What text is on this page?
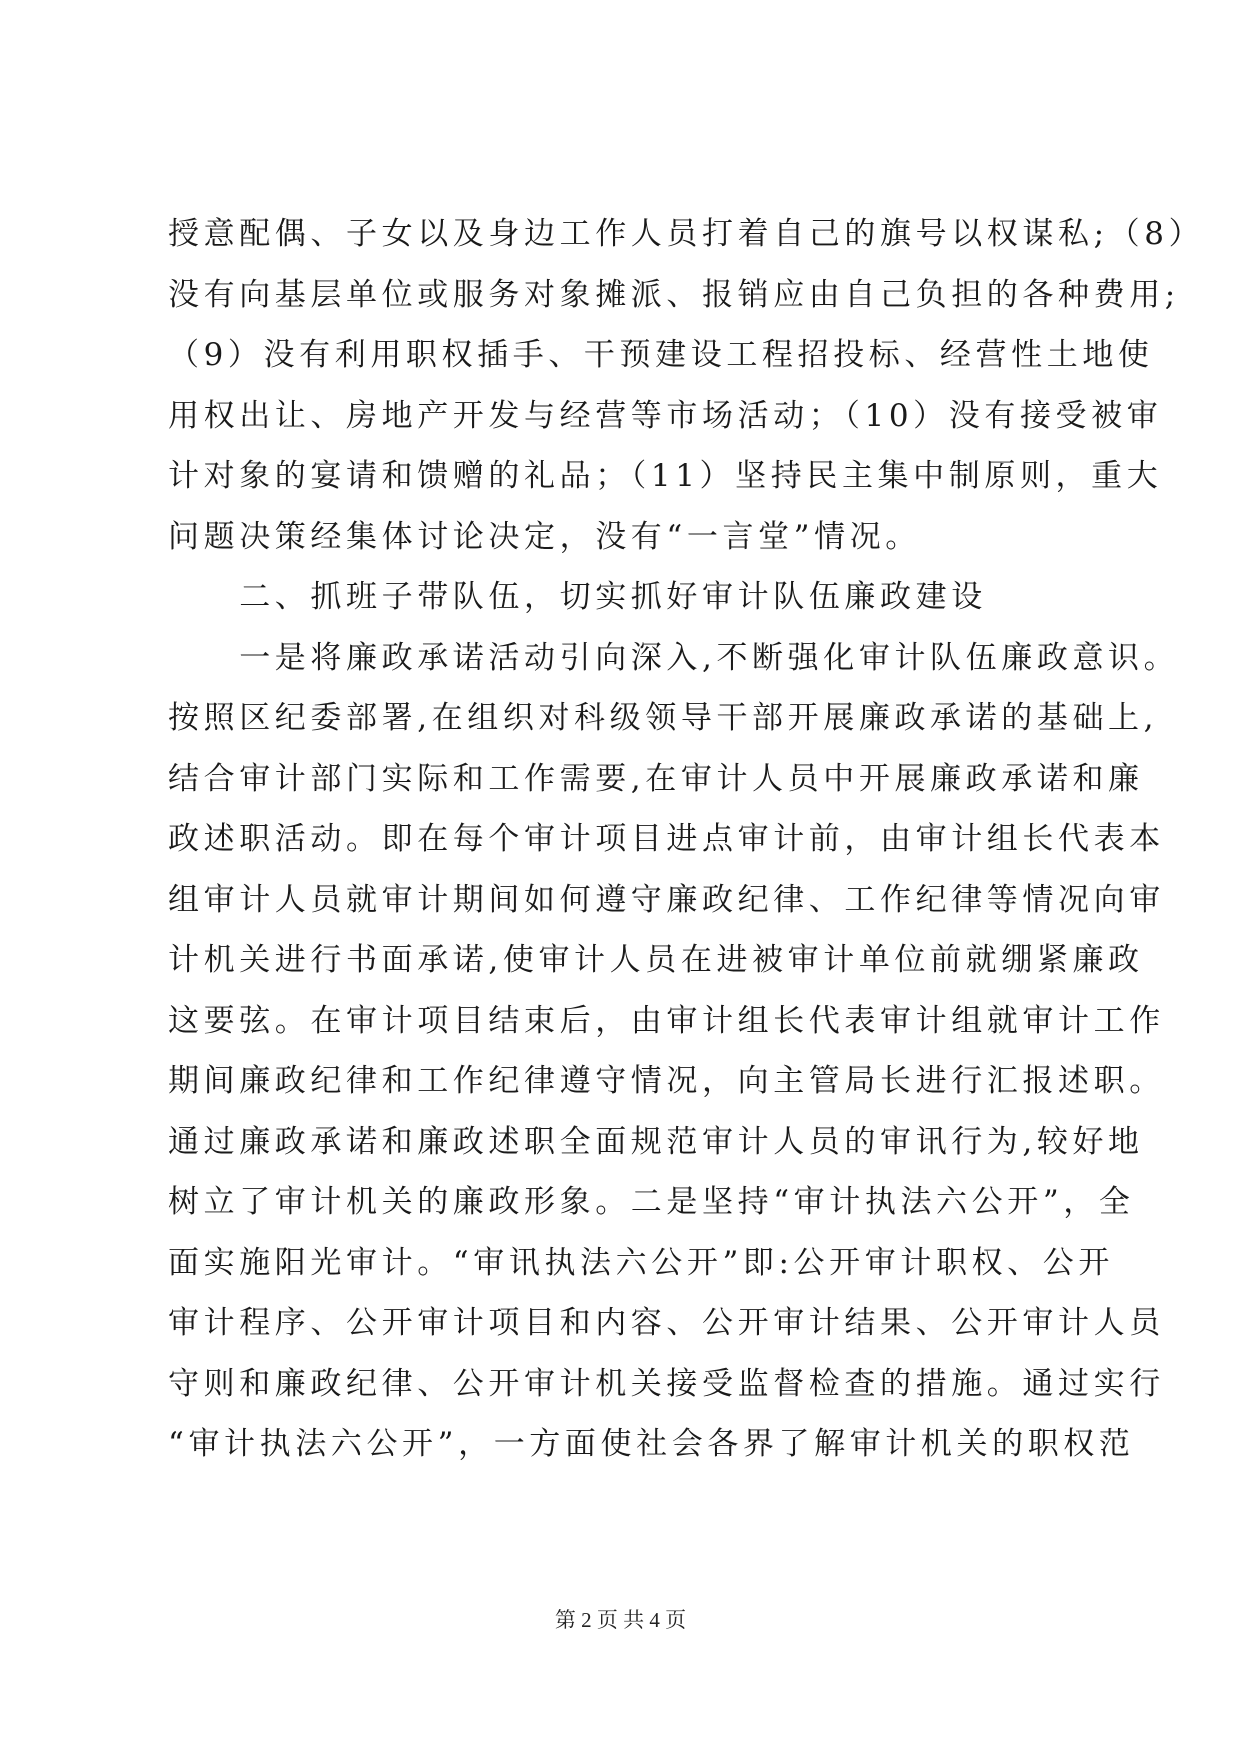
授意配偶、子女以及身边工作人员打着自己的旗号以权谋私;（8）
没有向基层单位或服务对象摊派、报销应由自己负担的各种费用;
（9）没有利用职权插手、干预建设工程招投标、经营性土地使
用权出让、房地产开发与经营等市场活动；（10）没有接受被审
计对象的宴请和馈赠的礼品；（11）坚持民主集中制原则，重大
问题决策经集体讨论决定，没有“一言堂”情况。
　　二、抓班子带队伍，切实抓好审计队伍廉政建设
　　一是将廉政承诺活动引向深入,不断强化审计队伍廉政意识。
按照区纪委部署,在组织对科级领导干部开展廉政承诺的基础上,
结合审计部门实际和工作需要,在审计人员中开展廉政承诺和廉
政述职活动。即在每个审计项目进点审计前，由审计组长代表本
组审计人员就审计期间如何遵守廉政纪律、工作纪律等情况向审
计机关进行书面承诺,使审计人员在进被审计单位前就绷紧廉政
这要弦。在审计项目结束后，由审计组长代表审计组就审计工作
期间廉政纪律和工作纪律遵守情况，向主管局长进行汇报述职。
通过廉政承诺和廉政述职全面规范审计人员的审讯行为,较好地
树立了审计机关的廉政形象。二是坚持“审计执法六公开”，全
面实施阳光审计。“审讯执法六公开”即:公开审计职权、公开
审计程序、公开审计项目和内容、公开审计结果、公开审计人员
守则和廉政纪律、公开审计机关接受监督检查的措施。通过实行
“审计执法六公开”，一方面使社会各界了解审计机关的职权范
第 2 页 共 4 页
